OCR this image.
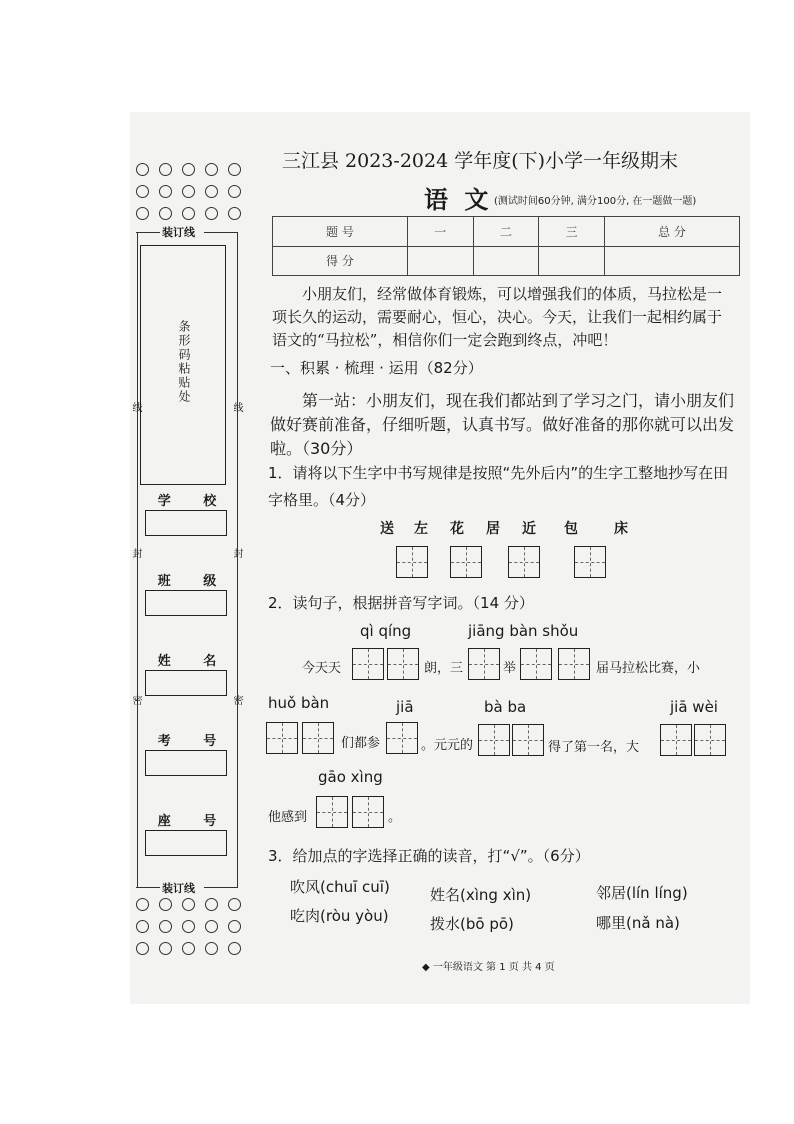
装订线
装订线
条形码粘贴处
线	线
封	封
密	密
学 校
班 级
姓 名
考 号
座 号
三江县 2023-2024 学年度(下)小学一年级期末
语 文 (测试时间60分钟, 满分100分, 在一题做一题)
题 号	一	二	三	总 分
得 分				
小朋友们，经常做体育锻炼，可以增强我们的体质，马拉松是一项长久的运动，需要耐心，恒心，决心。今天，让我们一起相约属于语文的“马拉松”，相信你们一定会跑到终点，冲吧！
一、积累 · 梳理 · 运用（82分）
第一站：小朋友们，现在我们都站到了学习之门，请小朋友们做好赛前准备，仔细听题，认真书写。做好准备的那你就可以出发啦。（30分）
1．请将以下生字中书写规律是按照“先外后内”的生字工整地抄写在田字格里。（4分）
送 左 花 居 近 包	床
2．读句子，根据拼音写字词。（14 分）
qì qíng	jiāng bàn shǒu
今天天	朗，三	举	届马拉松比赛，小
huǒ bàn	jiā	bà ba	jiā wèi
们都参	。元元的	得了第一名，大
gāo xìng
他感到	。
3．给加点的字选择正确的读音，打“√”。（6分）
吹风(chuī cuī)	姓名(xìng xìn)	邻居(lín líng)
吃肉(ròu yòu)	拨水(bō pō)	哪里(nǎ nà)
◆ 一年级语文 第 1 页 共 4 页
